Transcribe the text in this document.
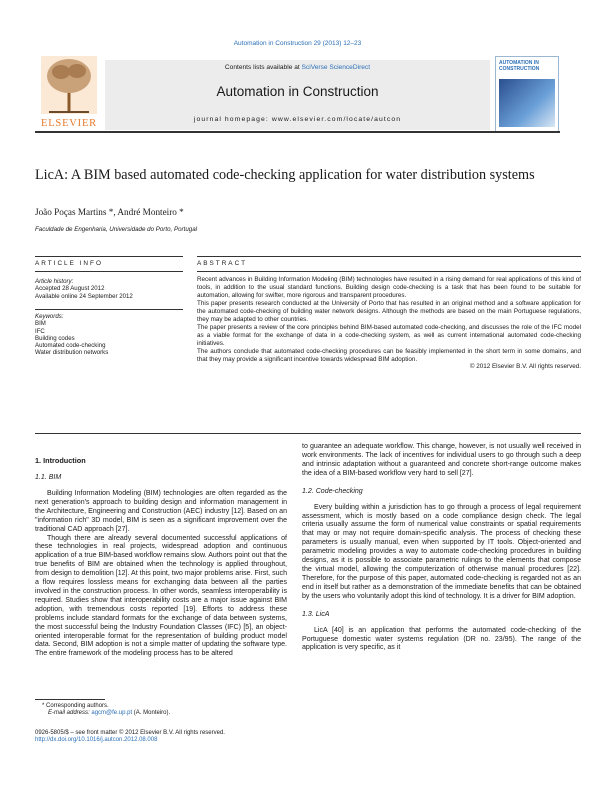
Automation in Construction 29 (2013) 12–23
ELSEVIER
Contents lists available at SciVerse ScienceDirect
Automation in Construction
journal homepage: www.elsevier.com/locate/autcon
AUTOMATION IN CONSTRUCTION
LicA: A BIM based automated code-checking application for water distribution systems
João Poças Martins *, André Monteiro *
Faculdade de Engenharia, Universidade do Porto, Portugal
ARTICLE INFO
Article history:
Accepted 28 August 2012
Available online 24 September 2012
Keywords:
BIM
IFC
Building codes
Automated code-checking
Water distribution networks
ABSTRACT

Recent advances in Building Information Modeling (BIM) technologies have resulted in a rising demand for real applications of this kind of tools, in addition to the usual standard functions. Building design code-checking is a task that has been found to be suitable for automation, allowing for swifter, more rigorous and transparent procedures.

This paper presents research conducted at the University of Porto that has resulted in an original method and a software application for the automated code-checking of building water network designs. Although the methods are based on the main Portuguese regulations, they may be adapted to other countries.

The paper presents a review of the core principles behind BIM-based automated code-checking, and discusses the role of the IFC model as a viable format for the exchange of data in a code-checking system, as well as current international automated code-checking initiatives.

The authors conclude that automated code-checking procedures can be feasibly implemented in the short term in some domains, and that they may provide a significant incentive towards widespread BIM adoption.

© 2012 Elsevier B.V. All rights reserved.

1. Introduction
1.1. BIM

Building Information Modeling (BIM) technologies are often regarded as the next generation's approach to building design and information management in the Architecture, Engineering and Construction (AEC) industry [12]. Based on an "information rich" 3D model, BIM is seen as a significant improvement over the traditional CAD approach [27].

Though there are already several documented successful applications of these technologies in real projects, widespread adoption and continuous application of a true BIM-based workflow remains slow. Authors point out that the true benefits of BIM are obtained when the technology is applied throughout, from design to demolition [12]. At this point, two major problems arise. First, such a flow requires lossless means for exchanging data between all the parties involved in the construction process. In other words, seamless interoperability is required. Studies show that interoperability costs are a major issue against BIM adoption, with tremendous costs reported [19]. Efforts to address these problems include standard formats for the exchange of data between systems, the most successful being the Industry Foundation Classes (IFC) [5], an object-oriented interoperable format for the representation of building product model data. Second, BIM adoption is not a simple matter of updating the software type. The entire framework of the modeling process has to be altered

to guarantee an adequate workflow. This change, however, is not usually well received in work environments. The lack of incentives for individual users to go through such a deep and intrinsic adaptation without a guaranteed and concrete short-range outcome makes the idea of a BIM-based workflow very hard to sell [27].

1.2. Code-checking

Every building within a jurisdiction has to go through a process of legal requirement assessment, which is mostly based on a code compliance design check. The legal criteria usually assume the form of numerical value constraints or spatial requirements that may or may not require domain-specific analysis. The process of checking these parameters is usually manual, even when supported by IT tools. Object-oriented and parametric modeling provides a way to automate code-checking procedures in building designs, as it is possible to associate parametric rulings to the elements that compose the virtual model, allowing the computerization of otherwise manual procedures [22]. Therefore, for the purpose of this paper, automated code-checking is regarded not as an end in itself but rather as a demonstration of the immediate benefits that can be obtained by the users who voluntarily adopt this kind of technology. It is a driver for BIM adoption.

1.3. LicA

LicA [40] is an application that performs the automated code-checking of the Portuguese domestic water systems regulation (DR no. 23/95). The range of the application is very specific, as it

* Corresponding authors.
E-mail address: agcm@fe.up.pt (A. Monteiro).
0926-5805/$ – see front matter © 2012 Elsevier B.V. All rights reserved.
http://dx.doi.org/10.1016/j.autcon.2012.08.008
